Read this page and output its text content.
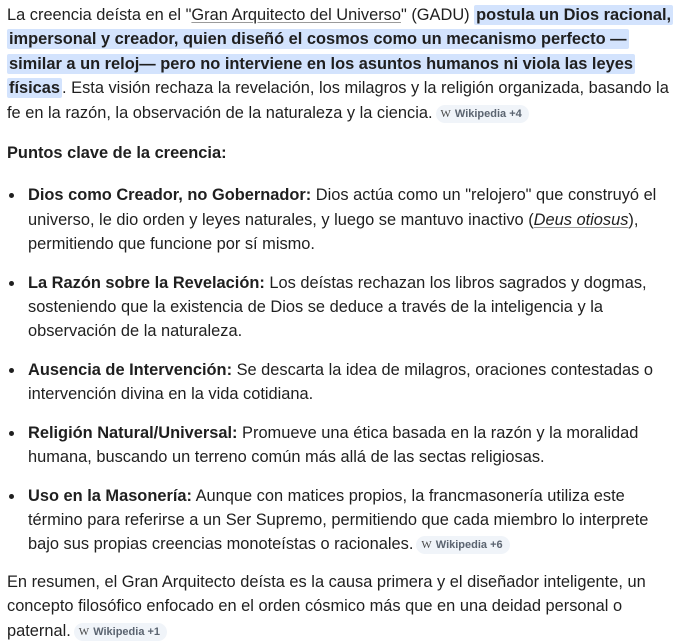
La creencia deísta en el "Gran Arquitecto del Universo" (GADU) postula un Dios racional, impersonal y creador, quien diseñó el cosmos como un mecanismo perfecto —similar a un reloj— pero no interviene en los asuntos humanos ni viola las leyes físicas . Esta visión rechaza la revelación, los milagros y la religión organizada, basando la fe en la razón, la observación de la naturaleza y la ciencia. W Wikipedia +4

Puntos clave de la creencia:

Dios como Creador, no Gobernador: Dios actúa como un "relojero" que construyó el universo, le dio orden y leyes naturales, y luego se mantuvo inactivo (Deus otiosus), permitiendo que funcione por sí mismo.
La Razón sobre la Revelación: Los deístas rechazan los libros sagrados y dogmas, sosteniendo que la existencia de Dios se deduce a través de la inteligencia y la observación de la naturaleza.
Ausencia de Intervención: Se descarta la idea de milagros, oraciones contestadas o intervención divina en la vida cotidiana.
Religión Natural/Universal: Promueve una ética basada en la razón y la moralidad humana, buscando un terreno común más allá de las sectas religiosas.
Uso en la Masonería: Aunque con matices propios, la francmasonería utiliza este término para referirse a un Ser Supremo, permitiendo que cada miembro lo interprete bajo sus propias creencias monoteístas o racionales. W Wikipedia +6

En resumen, el Gran Arquitecto deísta es la causa primera y el diseñador inteligente, un concepto filosófico enfocado en el orden cósmico más que en una deidad personal o paternal. W Wikipedia +1
